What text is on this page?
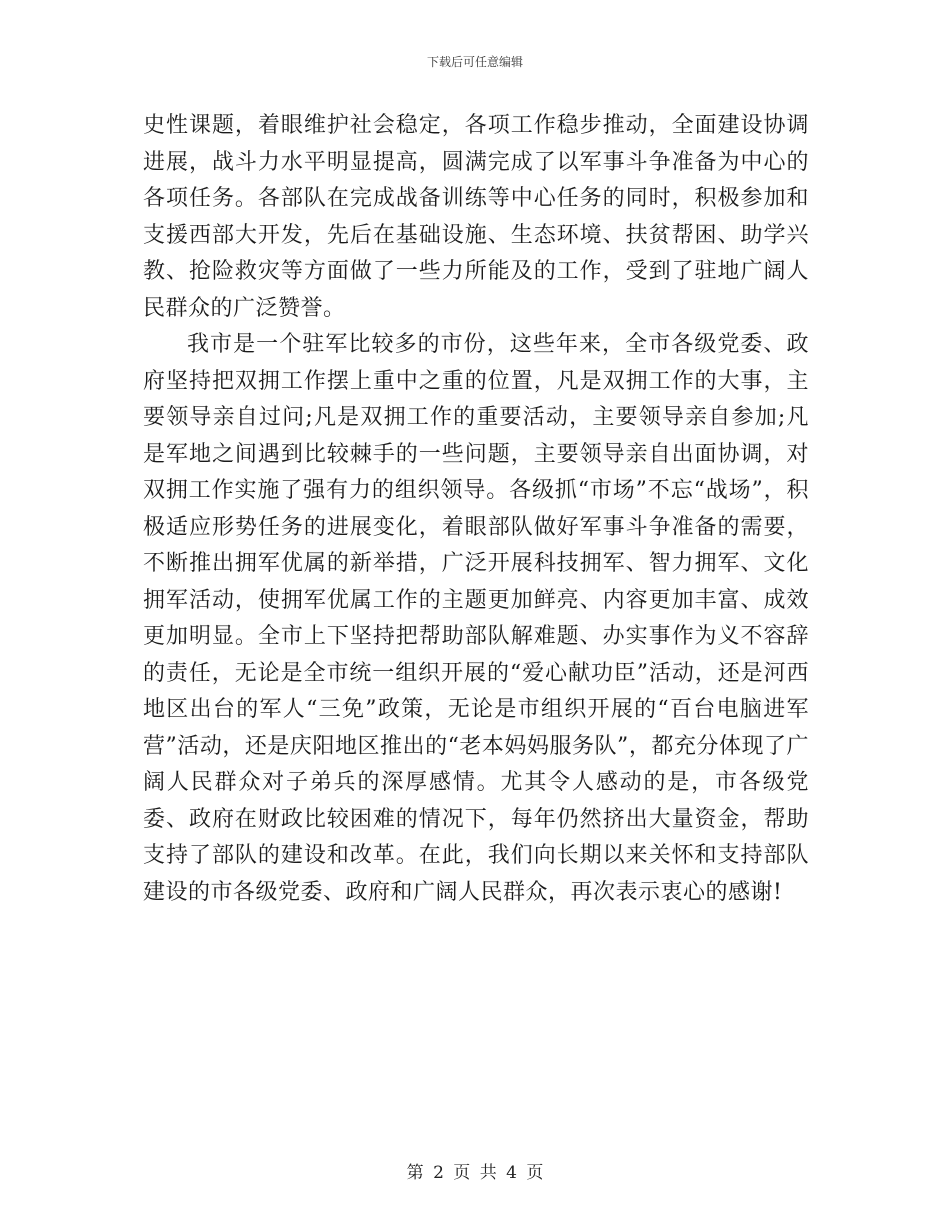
下载后可任意编辑

史性课题，着眼维护社会稳定，各项工作稳步推动，全面建设协调进展，战斗力水平明显提高，圆满完成了以军事斗争准备为中心的各项任务。各部队在完成战备训练等中心任务的同时，积极参加和支援西部大开发，先后在基础设施、生态环境、扶贫帮困、助学兴教、抢险救灾等方面做了一些力所能及的工作，受到了驻地广阔人民群众的广泛赞誉。

我市是一个驻军比较多的市份，这些年来，全市各级党委、政府坚持把双拥工作摆上重中之重的位置，凡是双拥工作的大事，主要领导亲自过问;凡是双拥工作的重要活动，主要领导亲自参加;凡是军地之间遇到比较棘手的一些问题，主要领导亲自出面协调，对双拥工作实施了强有力的组织领导。各级抓“市场”不忘“战场”，积极适应形势任务的进展变化，着眼部队做好军事斗争准备的需要，不断推出拥军优属的新举措，广泛开展科技拥军、智力拥军、文化拥军活动，使拥军优属工作的主题更加鲜亮、内容更加丰富、成效更加明显。全市上下坚持把帮助部队解难题、办实事作为义不容辞的责任，无论是全市统一组织开展的“爱心献功臣”活动，还是河西地区出台的军人“三免”政策，无论是市组织开展的“百台电脑进军营”活动，还是庆阳地区推出的“老本妈妈服务队”，都充分体现了广阔人民群众对子弟兵的深厚感情。尤其令人感动的是，市各级党委、政府在财政比较困难的情况下，每年仍然挤出大量资金，帮助支持了部队的建设和改革。在此，我们向长期以来关怀和支持部队建设的市各级党委、政府和广阔人民群众，再次表示衷心的感谢!

第 2 页 共 4 页
